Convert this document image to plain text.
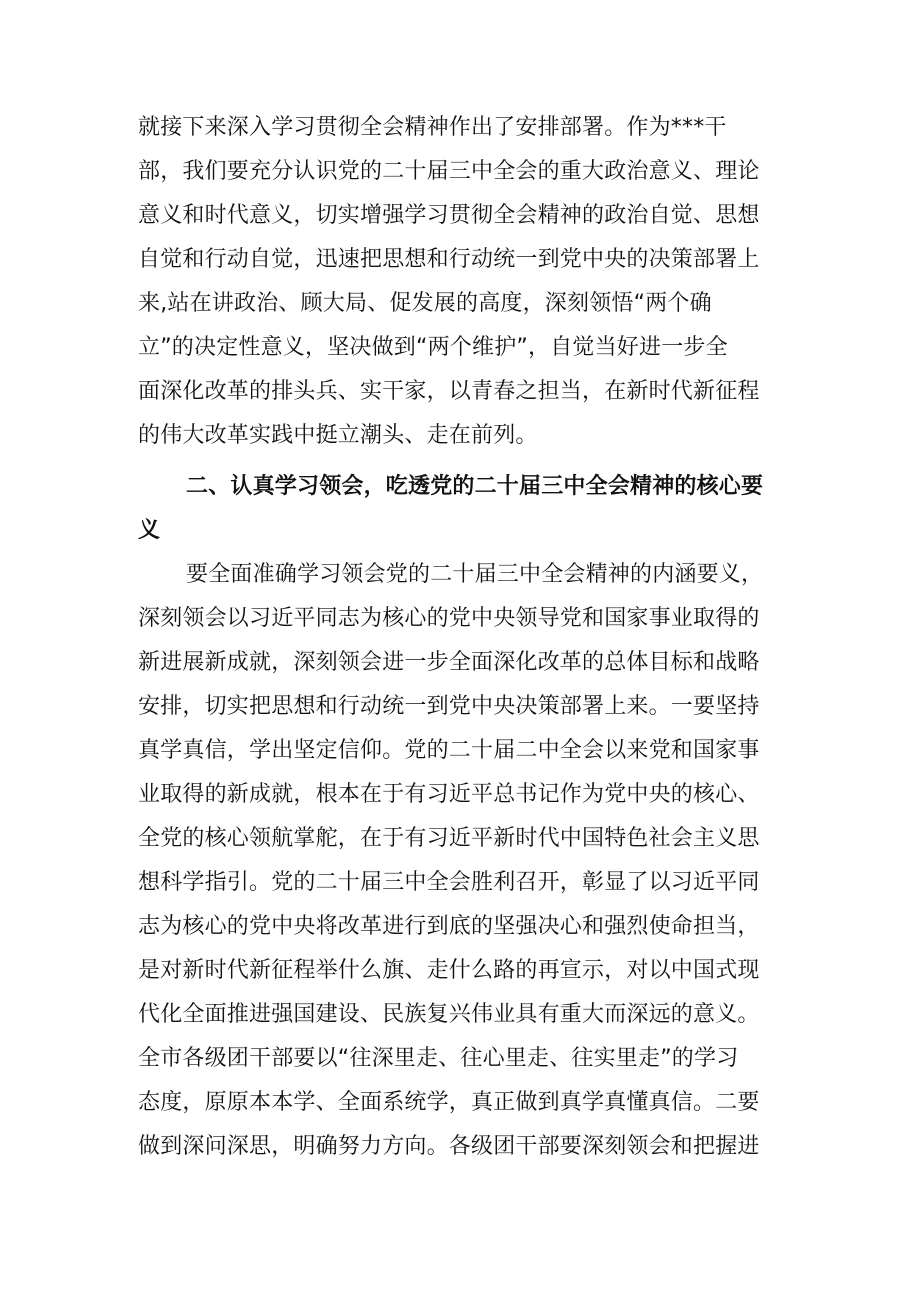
就接下来深入学习贯彻全会精神作出了安排部署。作为***干
部，我们要充分认识党的二十届三中全会的重大政治意义、理论
意义和时代意义，切实增强学习贯彻全会精神的政治自觉、思想
自觉和行动自觉，迅速把思想和行动统一到党中央的决策部署上
来,站在讲政治、顾大局、促发展的高度，深刻领悟“两个确
立”的决定性意义，坚决做到“两个维护”，自觉当好进一步全
面深化改革的排头兵、实干家，以青春之担当，在新时代新征程
的伟大改革实践中挺立潮头、走在前列。
二、认真学习领会，吃透党的二十届三中全会精神的核心要
义
要全面准确学习领会党的二十届三中全会精神的内涵要义，
深刻领会以习近平同志为核心的党中央领导党和国家事业取得的
新进展新成就，深刻领会进一步全面深化改革的总体目标和战略
安排，切实把思想和行动统一到党中央决策部署上来。一要坚持
真学真信，学出坚定信仰。党的二十届二中全会以来党和国家事
业取得的新成就，根本在于有习近平总书记作为党中央的核心、
全党的核心领航掌舵，在于有习近平新时代中国特色社会主义思
想科学指引。党的二十届三中全会胜利召开，彰显了以习近平同
志为核心的党中央将改革进行到底的坚强决心和强烈使命担当，
是对新时代新征程举什么旗、走什么路的再宣示，对以中国式现
代化全面推进强国建设、民族复兴伟业具有重大而深远的意义。
全市各级团干部要以“往深里走、往心里走、往实里走”的学习
态度，原原本本学、全面系统学，真正做到真学真懂真信。二要
做到深问深思，明确努力方向。各级团干部要深刻领会和把握进
